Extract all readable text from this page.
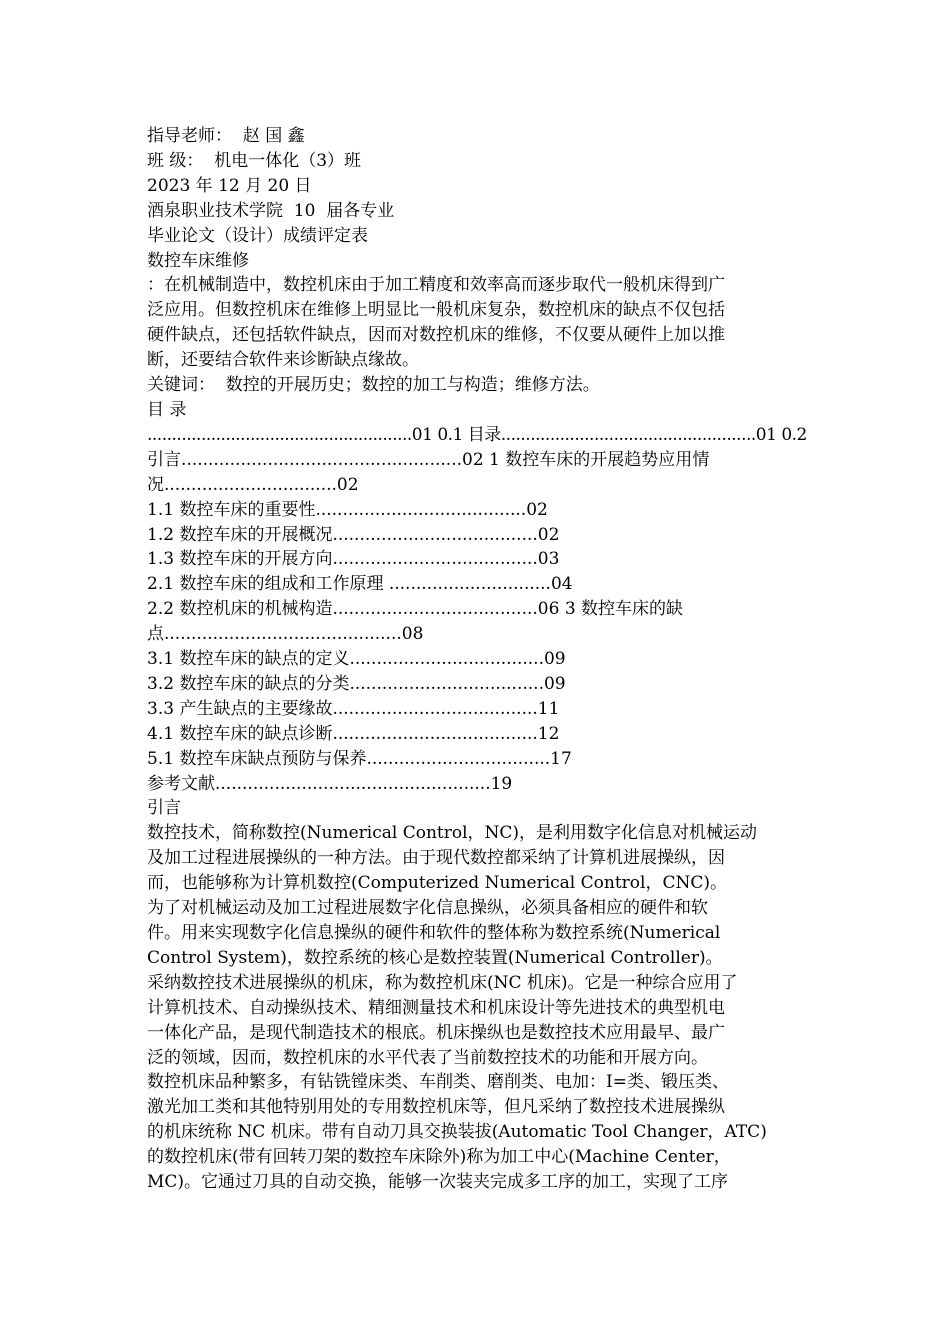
指导老师：  赵 国 鑫
班 级：  机电一体化（3）班
2023 年 12 月 20 日
酒泉职业技术学院  10  届各专业
毕业论文（设计）成绩评定表
数控车床维修
：在机械制造中，数控机床由于加工精度和效率高而逐步取代一般机床得到广
泛应用。但数控机床在维修上明显比一般机床复杂，数控机床的缺点不仅包括
硬件缺点，还包括软件缺点，因而对数控机床的维修，不仅要从硬件上加以推
断，还要结合软件来诊断缺点缘故。
关键词：  数控的开展历史；数控的加工与构造；维修方法。
目 录
......................................................01 0.1 目录....................................................01 0.2
引言....................................................02 1 数控车床的开展趋势应用情
况................................02
1.1 数控车床的重要性.......................................02
1.2 数控车床的开展概况......................................02
1.3 数控车床的开展方向......................................03
2.1 数控车床的组成和工作原理 ..............................04
2.2 数控机床的机械构造......................................06 3 数控车床的缺
点............................................08
3.1 数控车床的缺点的定义....................................09
3.2 数控车床的缺点的分类....................................09
3.3 产生缺点的主要缘故......................................11
4.1 数控车床的缺点诊断......................................12
5.1 数控车床缺点预防与保养..................................17
参考文献...................................................19
引言
数控技术，简称数控(Numerical Control，NC)，是利用数字化信息对机械运动
及加工过程进展操纵的一种方法。由于现代数控都采纳了计算机进展操纵，因
而，也能够称为计算机数控(Computerized Numerical Control，CNC)。
为了对机械运动及加工过程进展数字化信息操纵，必须具备相应的硬件和软
件。用来实现数字化信息操纵的硬件和软件的整体称为数控系统(Numerical
Control System)，数控系统的核心是数控装置(Numerical Controller)。
采纳数控技术进展操纵的机床，称为数控机床(NC 机床)。它是一种综合应用了
计算机技术、自动操纵技术、精细测量技术和机床设计等先进技术的典型机电
一体化产品，是现代制造技术的根底。机床操纵也是数控技术应用最早、最广
泛的领域，因而，数控机床的水平代表了当前数控技术的功能和开展方向。
数控机床品种繁多，有钻铣镗床类、车削类、磨削类、电加：I=类、锻压类、
激光加工类和其他特别用处的专用数控机床等，但凡采纳了数控技术进展操纵
的机床统称 NC 机床。带有自动刀具交换装拔(Automatic Tool Changer，ATC)
的数控机床(带有回转刀架的数控车床除外)称为加工中心(Machine Center，
MC)。它通过刀具的自动交换，能够一次装夹完成多工序的加工，实现了工序
